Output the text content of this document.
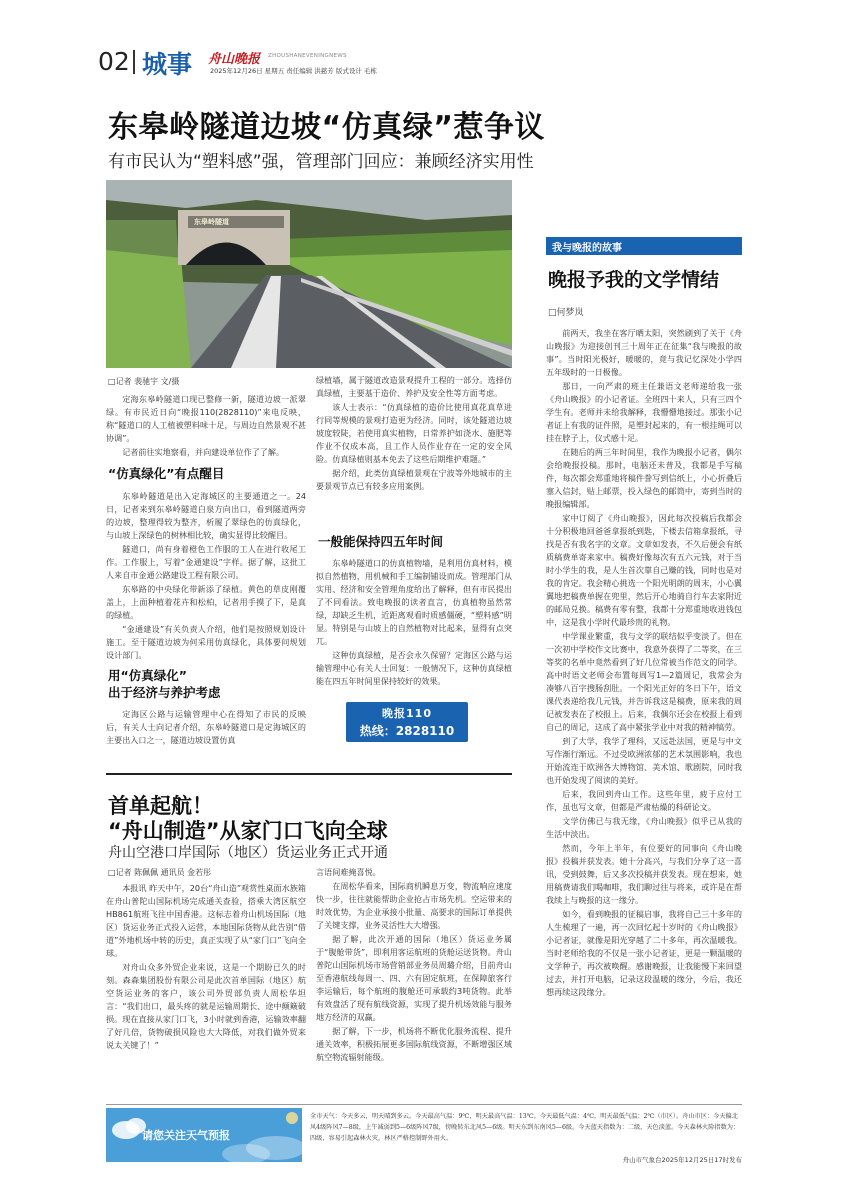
02 城事 舟山晚报 ZHOUSHANEVENINGNEWS
2025年12月26日 星期五 责任编辑 洪慈芳 版式设计 毛栋
东皋岭隧道边坡“仿真绿”惹争议
有市民认为“塑料感”强，管理部门回应：兼顾经济实用性
东皋岭隧道
□记者 裴驰宇 文/摄

定海东皋岭隧道口现已整修一新，隧道边坡一派翠绿。有市民近日向“晚报110(2828110)”来电反映，称“隧道口的人工植被塑料味十足，与周边自然景观不甚协调”。

记者前往实地察看，并向建设单位作了了解。

“仿真绿化”有点醒目

东皋岭隧道是出入定海城区的主要通道之一。24日，记者来到东皋岭隧道白泉方向出口，看到隧道两旁的边坡，整理得较为整齐，析履了翠绿色的仿真绿化，与山坡上深绿色的树林相比较，确实显得比较醒目。

隧道口，尚有身着橙色工作服的工人在进行收尾工作。工作服上，写着“金通建设”字样。据了解，这批工人来自市金通公路建设工程有限公司。

东皋路的中央绿化带新添了绿植。黄色的草皮刚覆盖上，上面种植着花卉和松柏，记者用手摸了下，是真的绿植。

“金通建设”有关负责人介绍，他们是按照规划设计施工。至于隧道边坡为何采用仿真绿化，具体要问规划设计部门。

用“仿真绿化”
出于经济与养护考虑

定海区公路与运输管理中心在得知了市民的反映后，有关人士向记者介绍，东皋岭隧道口是定海城区的主要出入口之一，隧道边坡设置仿真

绿植墙，属于隧道改造景观提升工程的一部分。选择仿真绿植，主要基于造价、养护及安全性等方面考虑。

该人士表示：“仿真绿植的造价比使用真花真草进行同等规模的景观打造更为经济。同时，该处隧道边坡坡度较陡，若使用真实植物，日常养护如浇水、施肥等作业不仅成本高，且工作人员作业存在一定的安全风险。仿真绿植则基本免去了这些后期维护难题。”

据介绍，此类仿真绿植景观在宁波等外地城市的主要景观节点已有较多应用案例。

一般能保持四五年时间

东皋岭隧道口的仿真植物墙，是利用仿真材料，模拟自然植物，用机械和手工编制铺设而成。管理部门从实用、经济和安全管理角度给出了解释，但有市民提出了不同看法。致电晚报的读者直言，仿真植物虽然常绿，却缺乏生机，近距离观看时质感僵硬，“塑料感”明显。特别是与山坡上的自然植物对比起来，显得有点突兀。

这种仿真绿植，是否会永久保留？定海区公路与运输管理中心有关人士回复：一般情况下，这种仿真绿植能在四五年时间里保持较好的效果。

晚报110
热线：2828110
我与晚报的故事
晚报予我的文学情结
□何梦岚

前两天，我坐在客厅晒太阳，突然刷到了关于《舟山晚报》为迎接创刊三十周年正在征集“我与晚报的故事”。当时阳光极好，暖暖的，竟与我记忆深处小学四五年级时的一日极像。

那日，一向严肃的班主任兼语文老师递给我一张《舟山晚报》的小记者证。全班四十来人，只有三四个学生有。老师并未给我解释，我懵懵地接过。那张小记者证上有我的证件照，是塑封起来的，有一根挂绳可以挂在脖子上，仪式感十足。

在随后的两三年时间里，我作为晚报小记者，偶尔会给晚报投稿。那时，电脑还未普及，我都是手写稿件，每次都会郑重地将稿件誊写到信纸上，小心折叠后塞入信封，贴上邮票，投入绿色的邮筒中，寄到当时的晚报编辑部。

家中订阅了《舟山晚报》，因此每次投稿后我都会十分积极地回爸爸拿报纸到匙，下楼去信箱拿报纸，寻找是否有我名字的文章。文章如发表，不久后便会有纸质稿费单寄来家中。稿费好像每次有五六元钱，对于当时小学生的我，是人生首次靠自己赚的钱，同时也是对我的肯定。我会精心挑选一个阳光明朗的周末，小心翼翼地把稿费单握在兜里，然后开心地骑自行车去家附近的邮局兑换。稿费有零有整，我都十分郑重地收进钱包中，这是我小学时代最珍贵的礼物。

中学课业繁重，我与文学的联结似乎变淡了。但在一次初中学校作文比赛中，我意外获得了二等奖，在三等奖的名单中竟然看到了好几位常被当作范文的同学。高中时语文老师会布置每周写1—2篇周记，我常会为凑够八百字搜肠刮肚。一个阳光正好的冬日下午，语文课代表递给我几元钱，并告诉我这是稿费，原来我的周记被发表在了校报上。后来，我偶尔还会在校报上看到自己的周记，这成了高中紧张学业中对我的精神犒劳。

到了大学，我学了理科，又远赴法国，更是与中文写作渐行渐远。不过受欧洲浓郁的艺术氛围影响，我也开始流连于欧洲各大博物馆、美术馆、歌剧院，同时我也开始发现了阅读的美好。

后来，我回到舟山工作。这些年里，疲于应付工作，虽也写文章，但都是严肃枯燥的科研论文。

文学仿佛已与我无缘，《舟山晚报》似乎已从我的生活中淡出。

然而，今年上半年，有位要好的同事向《舟山晚报》投稿并获发表。她十分高兴，与我们分享了这一喜讯，受到鼓舞，后又多次投稿并获发表。现在想来，她用稿费请我们喝咖啡，我们聊过往与将来，或许是在帮我续上与晚报的这一缘分。

如今，看到晚报的征稿启事，我将自己三十多年的人生梳理了一遍，再一次回忆起十岁时的《舟山晚报》小记者证，就像是阳光穿越了二十多年，再次温暖我。当时老师给我的不仅是一张小记者证，更是一颗温暖的文学种子，再次被唤醒。感谢晚报，让我能慢下来回望过去，并打开电脑，记录这段温暖的缘分，今后，我还想再续这段缘分。

首单起航！
“舟山制造”从家门口飞向全球
舟山空港口岸国际（地区）货运业务正式开通
□记者 陈佩佩 通讯员 金若彤

本报讯 昨天中午，20台“舟山造”观赏性桌面水族箱在舟山普陀山国际机场完成通关查验，搭乘大湾区航空HB861航班飞往中国香港。这标志着舟山机场国际（地区）货运业务正式投入运营，本地国际货物从此告别“借道”外地机场中转的历史，真正实现了从“家门口”飞向全球。

对舟山众多外贸企业来说，这是一个期盼已久的时刻。森森集团股份有限公司是此次首单国际（地区）航空货运业务的客户，该公司外贸部负责人周松华坦言：“我们出口，最头疼的就是运输周期长、途中颠簸破损。现在直接从家门口飞，3小时就到香港，运输效率翻了好几倍，货物破损风险也大大降低，对我们做外贸来说太关键了！”

言语间难掩喜悦。

在周松华看来，国际商机瞬息万变，物流响应速度快一步，往往就能帮助企业抢占市场先机。空运带来的时效优势，为企业承接小批量、高要求的国际订单提供了关键支撑，业务灵活性大大增强。

据了解，此次开通的国际（地区）货运业务属于“腹舱带货”，即利用客运航班的货舱运送货物。舟山普陀山国际机场市场营销部业务员周璐介绍，目前舟山至香港航线每周一、四、六有固定航班，在保障旅客行李运输后，每个航班的腹舱还可承载约3吨货物。此举有效盘活了现有航线资源，实现了提升机场效能与服务地方经济的双赢。

据了解，下一步，机场将不断优化服务流程、提升通关效率，积极拓展更多国际航线资源，不断增强区域航空物流辐射能级。

请您关注天气预报
全市天气：今天多云，明天晴到多云。今天最高气温：9℃，明天最高气温：13℃。今天最低气温：4℃，明天最低气温：2℃（市区）。舟山市区：今天偏北风4级阵风7—8级，上午减弱到5—6级阵风7级，傍晚转东北风5—6级。明天东到东南风5—6级。今天蓝天指数为：二级，天色淡蓝。今天森林火险指数为：四级，容易引起森林火灾，林区严格控制野外用火。
舟山市气象台2025年12月25日17时发布
